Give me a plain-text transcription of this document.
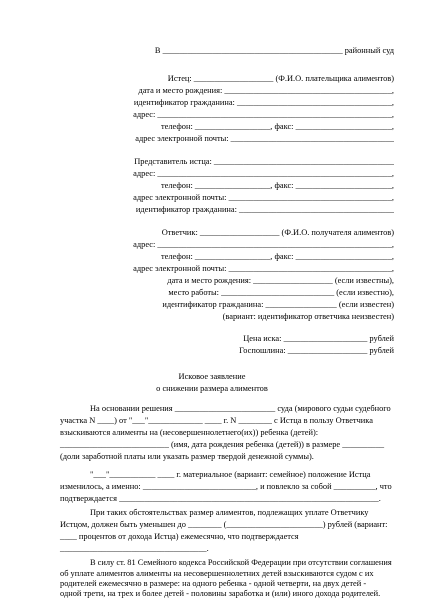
В ___________________________________________ районный суд
Истец: ___________________ (Ф.И.О. плательщика алиментов)
дата и место рождения: ________________________________________,
идентификатор гражданина: _____________________________________,
адрес: ________________________________________________________,
телефон: __________________, факс: _______________________,
адрес электронной почты: _______________________________________
Представитель истца: ___________________________________________
адрес: ________________________________________________________,
телефон: __________________, факс: _______________________,
адрес электронной почты: _______________________________________,
идентификатор гражданина: _____________________________________
Ответчик: ___________________ (Ф.И.О. получателя алиментов)
адрес: ________________________________________________________,
телефон: __________________, факс: _______________________,
адрес электронной почты: _______________________________________,
дата и место рождения: ___________________ (если известны),
место работы: ___________________________ (если известно),
идентификатор гражданина: _________________ (если известен)
(вариант: идентификатор ответчика неизвестен)
Цена иска: ____________________ рублей
Госпошлина: ___________________ рублей
Исковое заявление
о снижении размера алиментов
На основании решения ________________________ суда (мирового судьи судебного
участка N ____) от "___"_____________ ____ г. N ________ с Истца в пользу Ответчика
взыскиваются алименты на (несовершеннолетнего(их)) ребенка (детей):
__________________________ (имя, дата рождения ребенка (детей)) в размере __________
(доли заработной платы или указать размер твердой денежной суммы).
"___"___________ ____ г. материальное (вариант: семейное) положение Истца
изменилось, а именно: ___________________________, и повлекло за собой __________, что
подтверждается ______________________________________________________________.
При таких обстоятельствах размер алиментов, подлежащих уплате Ответчику
Истцом, должен быть уменьшен до ________ (_______________________) рублей (вариант:
____ процентов от дохода Истца) ежемесячно, что подтверждается
___________________________________.
В силу ст. 81 Семейного кодекса Российской Федерации при отсутствии соглашения
об уплате алиментов алименты на несовершеннолетних детей взыскиваются судом с их
родителей ежемесячно в размере: на одного ребенка - одной четверти, на двух детей -
одной трети, на трех и более детей - половины заработка и (или) иного дохода родителей.
